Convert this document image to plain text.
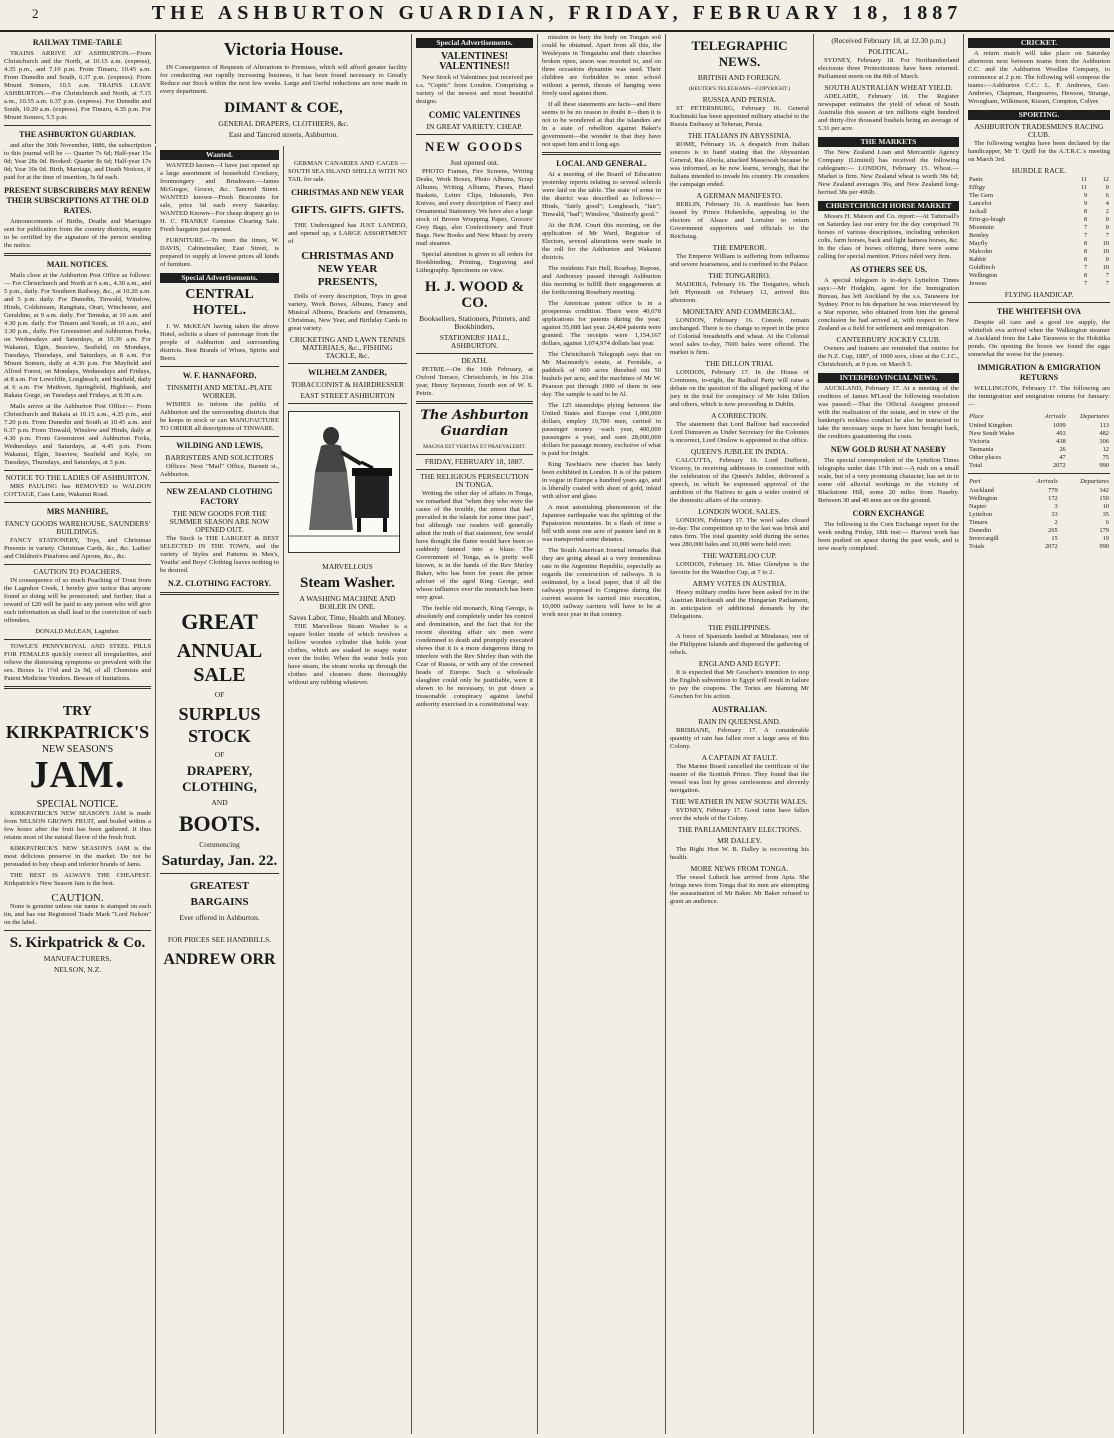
2	THE ASHBURTON GUARDIAN, FRIDAY, FEBRUARY 18, 1887
RAILWAY TIME-TABLE

TRAINS ARRIVE AT ASHBURTON.—From Christchurch and the North, at 10.15 a.m. (express), 4.35 p.m., and 7.10 p.m. From Timaru, 10.45 a.m. From Dunedin and South, 6.37 p.m. (express). From Mount Somers, 10.5 a.m. TRAINS LEAVE ASHBURTON.—For Christchurch and North, at 7.15 a.m., 10.55 a.m. 6.37 p.m. (express). For Dunedin and South, 10.20 a.m. (express). For Timaru, 4.35 p.m. For Mount Somers, 5.5 p.m.

THE ASHBURTON GUARDIAN.

and after the 30th November, 1886, the subscription to this journal will be — Quarter 7s 6d; Half-year 15s 0d; Year 28s 0d. Booked: Quarter 8s 6d; Half-year 17s 0d; Year 30s 0d. Birth, Marriage, and Death Notices, if paid for at the time of insertion, 3s 6d each.

PRESENT SUBSCRIBERS MAY RENEW THEIR SUBSCRIPTIONS AT THE OLD RATES.

Announcements of Births, Deaths and Marriages sent for publication from the country districts, require to be certified by the signature of the person sending the notice.

MAIL NOTICES.

Mails close at the Ashburton Post Office as follows:— For Christchurch and North at 6 a.m., 4.30 a.m., and 5 p.m., daily. For Southern Railway, &c., at 10.20 a.m. and 5 p.m. daily. For Dunedin, Tinwald, Winslow, Hinds, Coldstream, Rangitata, Orari, Winchester, and Geraldine, at 9 a.m. daily. For Temuka, at 10 a.m. and 4.30 p.m. daily. For Timaru and South, at 10 a.m., and 3.30 p.m., daily. For Greenstreet and Ashburton Forks, on Wednesdays and Saturdays, at 10.30 a.m. For Wakanui, Elgin, Seaview, Seafield, on Mondays, Tuesdays, Thursdays, and Saturdays, at 8 a.m. For Mount Somers, daily at 4.30 p.m. For Mayfield and Alford Forest, on Mondays, Wednesdays and Fridays, at 8 a.m. For Lowcliffe, Longbeach, and Seafield, daily at 6 a.m. For Methven, Springfield, Highbank, and Rakaia Gorge, on Tuesdays and Fridays, at 8.30 a.m.

Mails arrive at the Ashburton Post Office:— From Christchurch and Rakaia at 10.15 a.m., 4.35 p.m., and 7.20 p.m. From Dunedin and South at 10.45 a.m. and 6.37 p.m. From Tinwald, Winslow and Hinds, daily at 4.30 p.m. From Greenstreet and Ashburton Forks, Wednesdays and Saturdays, at 4.45 p.m. From Wakanui, Elgin, Seaview, Seafield and Kyle, on Tuesdays, Thursdays, and Saturdays, at 3 p.m.

NOTICE TO THE LADIES OF ASHBURTON.

MRS PAULING has REMOVED to WALDON COTTAGE, Cass Lane, Wakanui Road.

MRS MANHIRE,
FANCY GOODS WAREHOUSE, SAUNDERS' BUILDINGS.

FANCY STATIONERY, Toys, and Christmas Presents in variety. Christmas Cards, &c., &c. Ladies' and Children's Pinafores and Aprons, &c., &c.

CAUTION TO POACHERS.

IN consequence of so much Poaching of Trout from the Lagmhor Creek, I hereby give notice that anyone found so doing will be prosecuted; and further, that a reward of £20 will be paid to any person who will give such information as shall lead to the conviction of such offenders.

DONALD McLEAN, Lagmhor.

TOWLE'S PENNYROYAL AND STEEL PILLS FOR FEMALES quickly correct all irregularities, and relieve the distressing symptoms so prevalent with the sex. Boxes 1s 1½d and 2s 9d, of all Chemists and Patent Medicine Vendors. Beware of Imitations.

TRY
KIRKPATRICK'S
NEW SEASON'S
JAM.
SPECIAL NOTICE.

KIRKPATRICK'S NEW SEASON'S JAM is made from NELSON GROWN FRUIT, and boiled within a few hours after the fruit has been gathered. It thus retains most of the natural flavor of the fresh fruit.

KIRKPATRICK'S NEW SEASON'S JAM is the most delicious preserve in the market. Do not be persuaded to buy cheap and inferior brands of Jams.

THE BEST IS ALWAYS THE CHEAPEST. Kirkpatrick's New Season Jam is the best.

CAUTION.

None is genuine unless our name is stamped on each tin, and has our Registered Trade Mark "Lord Nelson" on the label.

S. Kirkpatrick & Co.
MANUFACTURERS,
NELSON, N.Z.
Victoria House.

IN Consequence of Requests of Alterations to Premises, which will afford greater facility for conducting our rapidly increasing business, it has been found necessary to Greatly Reduce our Stock within the next few weeks. Large and Useful reductions are now made in every department.

DIMANT & COE,
GENERAL DRAPERS, CLOTHIERS, &c.
East and Tancred streets, Ashburton.
Wanted.

WANTED known—I have just opened up a large assortment of household Crockery, Ironmongery and Brushware.—James McGregor, Grocer, &c. Tancred Street. WANTED known—Fresh Bracounts for sale, price 6d each every Saturday. WANTED Known—For cheap drapery go to H. C. FRANKS' Genuine Clearing Sale. Fresh bargains just opened.

FURNITURE.—To meet the times, W. DAVIS, Cabinetmaker, East Street, is prepared to supply at lowest prices all kinds of furniture.

Special Advertisements.
CENTRAL HOTEL.

J. W. McKEAN having taken the above Hotel, solicits a share of patronage from the people of Ashburton and surrounding districts. Best Brands of Wines, Spirits and Beers.

W. F. HANNAFORD,
TINSMITH AND METAL-PLATE WORKER.

WISHES to inform the public of Ashburton and the surrounding districts that he keeps in stock or can MANUFACTURE TO ORDER all descriptions of TINWARE.

WILDING AND LEWIS,
BARRISTERS AND SOLICITORS

Offices: Next "Mail" Office, Burnett st., Ashburton.

NEW ZEALAND CLOTHING FACTORY
THE NEW GOODS FOR THE SUMMER SEASON ARE NOW OPENED OUT.

The Stock is THE LARGEST & BEST SELECTED IN THE TOWN, and the variety of Styles and Patterns in Men's, Youths' and Boys' Clothing leaves nothing to be desired.

N.Z. CLOTHING FACTORY.
GREAT
ANNUAL SALE
OF
SURPLUS STOCK
OF
DRAPERY, CLOTHING,
AND
BOOTS.
Commencing
Saturday, Jan. 22.
GREATEST BARGAINS
Ever offered in Ashburton.
FOR PRICES SEE HANDBILLS.
ANDREW ORR

GERMAN CANARIES AND CAGES — SOUTH SEA ISLAND SHELLS WITH NO TAIL for sale.

CHRISTMAS AND NEW YEAR
GIFTS. GIFTS. GIFTS.

THE Undersigned has JUST LANDED, and opened up, a LARGE ASSORTMENT of

CHRISTMAS AND NEW YEAR PRESENTS,

Dolls of every description, Toys in great variety, Work Boxes, Albums, Fancy and Musical Albums, Brackets and Ornaments, Christmas, New Year, and Birthday Cards in great variety.

CRICKETING AND LAWN TENNIS MATERIALS, &c., FISHING TACKLE, &c.
WILHELM ZANDER,
TOBACCONIST & HAIRDRESSER
EAST STREET ASHBURTON
MARVELLOUS
Steam Washer.
A WASHING MACHINE AND BOILER IN ONE.
Saves Labor, Time, Health and Money.

THE Marvellous Steam Washer is a square boiler inside of which revolves a hollow wooden cylinder that holds your clothes, which are soaked in soapy water over the boiler. When the water boils you have steam, the steam works up through the clothes and cleanses them thoroughly without any rubbing whatever.

Special Advertisements.
VALENTINES! VALENTINES!!

New Stock of Valentines just received per s.s. "Coptic" from London. Comprising a variety of the newest and most beautiful designs.

COMIC VALENTINES
IN GREAT VARIETY. CHEAP.
NEW GOODS
Just opened out.

PHOTO Frames, Fire Screens, Writing Desks, Work Boxes, Photo Albums, Scrap Albums, Writing Albums, Purses, Hand Baskets, Letter Clips, Inkstands, Pen Knives, and every description of Fancy and Ornamental Stationery. We have also a large stock of Brown Wrapping Paper, Grocers' Grey Bags, also Confectionery and Fruit Bags. New Books and New Music by every mail steamer.

Special attention is given to all orders for Bookbinding, Printing, Engraving and Lithography. Specimens on view.

H. J. WOOD & CO.
Booksellers, Stationers, Printers, and Bookbinders,
STATIONERS' HALL, ASHBURTON.
DEATH.

PETRIE.—On the 16th February, at Oxford Terrace, Christchurch, in his 21st year, Henry Seymour, fourth son of W. S. Petrie.

The Ashburton Guardian
MAGNA EST VERITAS ET PRAEVALEBIT.
FRIDAY, FEBRUARY 18, 1887.
THE RELIGIOUS PERSECUTION IN TONGA.

Writing the other day of affairs in Tonga, we remarked that "when they who were the cause of the trouble, the unrest that had prevailed in the islands for some time past", but although our readers will generally admit the truth of that statement, few would have thought the flame would have been so suddenly fanned into a blaze. The Government of Tonga, as is pretty well known, is in the hands of the Rev Shirley Baker, who has been for years the prime adviser of the aged King George, and whose influence over the monarch has been very great.

The feeble old monarch, King George, is absolutely and completely under his control and domination, and the fact that for the recent shooting affair six men were condemned to death and promptly executed shows that it is a more dangerous thing to interfere with the Rev Shirley than with the Czar of Russia, or with any of the crowned heads of Europe. Such a wholesale slaughter could only be justifiable, were it shown to be necessary, to put down a treasonable conspiracy against lawful authority exercised in a constitutional way.

mission to bury the body on Tongan soil could be obtained. Apart from all this, the Wesleyans in Tongatabu and their churches broken open, arson was resorted to, and on three occasions dynamite was used. Their children are forbidden to enter school without a permit, threats of hanging were freely used against them.

If all these statements are facts—and there seems to be no reason to doubt it—then it is not to be wondered at that the islanders are in a state of rebellion against Baker's government—the wonder is that they have not upset him and it long ago.

LOCAL AND GENERAL.

At a meeting of the Board of Education yesterday reports relating to several schools were laid on the table. The state of some in the district was described as follows:—Hinds, "fairly good"; Longbeach, "fair"; Tinwald, "bad"; Winslow, "distinctly good."

At the B.M. Court this morning, on the application of Mr Ward, Registrar of Electors, several alterations were made in the roll for the Ashburton and Wakanui districts.

The residents Fair Hell, Rosebay, Repose, and Anthorsey passed through Ashburton this morning to fulfill their engagements at the forthcoming Rosebury meeting.

The American patent office is in a prosperous condition. There were 40,678 applications for patents during the year; against 35,688 last year. 24,404 patents were granted. The receipts were 1,154,167 dollars, against 1,074,974 dollars last year.

The Christchurch Telegraph says that on Mr Macmurdy's estate, at Ferndale, a paddock of 600 acres threshed out 50 bushels per acre, and the machines of Mr W. Pearson put through 1900 of them in one day. The sample is said to be Al.

The 125 steamships plying between the United States and Europe cost 1,000,000 dollars, employ 19,700 men, carried in passenger money ~each year, 400,000 passengers a year, and earn 28,000,000 dollars for passage money, exclusive of what is paid for freight.

King Tawhiao's new chariot has lately been exhibited in London. It is of the pattern in vogue in Europe a hundred years ago, and is liberally coated with sheet of gold, inlaid with silver and glass.

A most astonishing phenomenon of the Japanese earthquake was the splitting of the Papatoetoe mountains. In a flash of time a hill with some one acre of pasture land on it was transported some distance.

The South American Journal remarks that they are going ahead at a very tremendous rate in the Argentine Republic, especially as regards the construction of railways. It is estimated, by a local paper, that if all the railways proposed to Congress during the current session be carried into execution, 10,000 railway carriers will have to be at work next year in that country.

TELEGRAPHIC NEWS.
BRITISH AND FOREIGN.
(REUTER'S TELEGRAMS—COPYRIGHT.)
RUSSIA AND PERSIA.

ST PETERSBURG, February 16. General Kuchinski has been appointed military attaché to the Russia Embassy at Teheran, Persia.

THE ITALIANS IN ABYSSINIA.

ROME, February 16. A despatch from Italian sources is to hand stating that the Abyssinian General, Ras Aloola, attacked Massowah because he was informed, as he now learns, wrongly, that the Italians intended to invade his country. He considers the campaign ended.

A GERMAN MANIFESTO.

BERLIN, February 16. A manifesto has been issued by Prince Hohenlohe, appealing to the electors of Alsace and Lorraine to return Government supporters and officials to the Reichstag.

THE EMPEROR.

The Emperor William is suffering from influenza and severe hoarseness, and is confined to the Palace.

THE TONGARIRO.

MADEIRA, February 16. The Tongariro, which left Plymouth on February 12, arrived this afternoon.

MONETARY AND COMMERCIAL.

LONDON, February 16. Consols remain unchanged. There is no change to report in the price of Colonial breadstuffs and wheat. At the Colonial wool sales to-day, 7600 bales were offered. The market is firm.

THE DILLON TRIAL

LONDON, February 17. In the House of Commons, to-night, the Radical Party will raise a debate on the question of the alleged packing of the jury in the trial for conspiracy of Mr John Dillon and others, which is now proceeding in Dublin.

A CORRECTION.

The statement that Lord Balfour had succeeded Lord Dunraven as Under Secretary for the Colonies is incorrect, Lord Onslow is appointed to that office.

QUEEN'S JUBILEE IN INDIA.

CALCUTTA, February 16. Lord Dufferin, Viceroy, in receiving addresses in connection with the celebration of the Queen's Jubilee, delivered a speech, in which he expressed approval of the ambition of the Natives to gain a wider control of the domestic affairs of the country.

LONDON WOOL SALES.

LONDON, February 17. The wool sales closed to-day. The competition up to the last was brisk and rates firm. The total quantity sold during the series was 280,000 bales and 10,000 were held over.

THE WATERLOO CUP.

LONDON, February 16. Miss Glendyne is the favorite for the Waterloo Cup, at 7 to 2.

ARMY VOTES IN AUSTRIA.

Heavy military credits have been asked for in the Austrian Reichsrath and the Hungarian Parliament, in anticipation of additional demands by the Delegations.

THE PHILIPPINES.

A force of Spaniards landed at Mindanao, one of the Philippine Islands and dispersed the gathering of rebels.

ENGLAND AND EGYPT.

It is expected that Mr Goschen's intention to stop the English subvention to Egypt will result in failure to pay the coupons. The Tories are blaming Mr Goschen for his action.

AUSTRALIAN.
RAIN IN QUEENSLAND.

BRISBANE, February 17. A considerable quantity of rain has fallen over a large area of this Colony.

A CAPTAIN AT FAULT.

The Marine Board cancelled the certificate of the master of the Scottish Prince. They found that the vessel was lost by gross carelessness and slovenly navigation.

THE WEATHER IN NEW SOUTH WALES.

SYDNEY, February 17. Good rains have fallen over the whole of the Colony.

THE PARLIAMENTARY ELECTIONS.
MR DALLEY.

The Right Hon W. B. Dalley is recovering his health.

MORE NEWS FROM TONGA.

The vessel Lubeck has arrived from Apia. She brings news from Tonga that its men are attempting the assassination of Mr Baker. Mr Baker refused to grant an audience.

(Received February 18, at 12.30 p.m.)
POLITICAL.

SYDNEY, February 18. For Northumberland electorate three Protectionists have been returned. Parliament meets on the 8th of March.

SOUTH AUSTRALIAN WHEAT YIELD.

ADELAIDE, February 18. The Register newspaper estimates the yield of wheat of South Australia this season at ten millions eight hundred and thirty-five thousand bushels being an average of 5.31 per acre.

THE MARKETS

The New Zealand Loan and Mercantile Agency Company (Limited) has received the following cablegram:— LONDON, February 15. Wheat.—Market is firm. New Zealand wheat is worth 38s 6d; New Zealand averages 36s, and New Zealand long-berried 38s per 496lb.

CHRISTCHURCH HORSE MARKET

Messrs H. Matson and Co. report:—At Tattersall's on Saturday last our entry for the day comprised 70 horses of various descriptions, including unbroken colts, farm horses, back and light harness horses, &c. In the class of horses offering, there were some calling for special mention. Prices ruled very firm.

AS OTHERS SEE US.

A special telegram is to-day's Lyttelton Times says:—Mr Hodgkin, agent for the Immigration Bureau, has left Auckland by the s.s. Tarawera for Sydney. Prior to his departure he was interviewed by a Star reporter, who obtained from him the general conclusion he had arrived at, with respect to New Zealand as a field for settlement and immigration.

CANTERBURY JOCKEY CLUB.

Owners and trainers are reminded that entries for the N.Z. Cup, 1887, of 1000 sovs, close at the C.J.C., Christchurch, at 9 p.m. on March 5.

INTERPROVINCIAL NEWS.

AUCKLAND, February 17. At a meeting of the creditors of James M'Leod the following resolution was passed:—That the Official Assignee proceed with the realization of the estate, and in view of the bankrupt's reckless conduct he also be instructed to take the necessary steps to have him brought back, the creditors guaranteeing the costs.

NEW GOLD RUSH AT NASEBY

The special correspondent of the Lyttelton Times telegraphs under date 17th inst:—A rush on a small scale, but of a very promising character, has set in to some old alluvial workings in the vicinity of Blackstone Hill, some 20 miles from Naseby. Between 30 and 40 men are on the ground.

CORN EXCHANGE

The following is the Corn Exchange report for the week ending Friday, 18th inst:— Harvest work has been pushed on apace during the past week, and is now nearly completed.

CRICKET.

A return match will take place on Saturday afternoon next between teams from the Ashburton C.C. and the Ashburton Woollen Company, to commence at 2 p.m. The following will compose the teams:—Ashburton C.C.: L. F. Andrews, Geo. Andrews, Chapman, Hargreaves, Hewson, Strange, Wrougham, Wilkinson, Kissen, Compton, Colyer.

SPORTING.
ASHBURTON TRADESMEN'S RACING CLUB.

The following weights have been declared by the handicapper, Mr T. Quill for the A.T.R.C.'s meeting on March 3rd.

HURDLE RACE.
Panic	11	12
Effigy	11	0
The Gem	9	6
Lancelot	9	4
Jackall	8	2
Erin-go-bragh	8	0
Mountain	7	0
Bentley	7	7
Mayfly	8	10
Malcolm	8	10
Rabbit	8	0
Goldfinch	7	10
Wellington	8	7
Jewess	7	7
FLYING HANDICAP.
THE WHITEFISH OVA

Despite all care and a good ice supply, the whitefish ova arrived when the Walkington steamer at Auckland from the Lake Tarawera to the Hokitika ponds. On opening the boxes we found the eggs somewhat the worse for the journey.

IMMIGRATION & EMIGRATION RETURNS

WELLINGTON, February 17. The following are the immigration and emigration returns for January:—

Place	Arrivals	Departures
United Kingdom	1099	113
New South Wales	493	482
Victoria	438	306
Tasmania	26	12
Other places	47	75
Total	2072	990
Port	Arrivals	Departures
Auckland	779	342
Wellington	172	150
Napier	3	10
Lyttelton	33	35
Timaru	2	6
Dunedin	265	179
Invercargill	15	19
Totals	2072	990
